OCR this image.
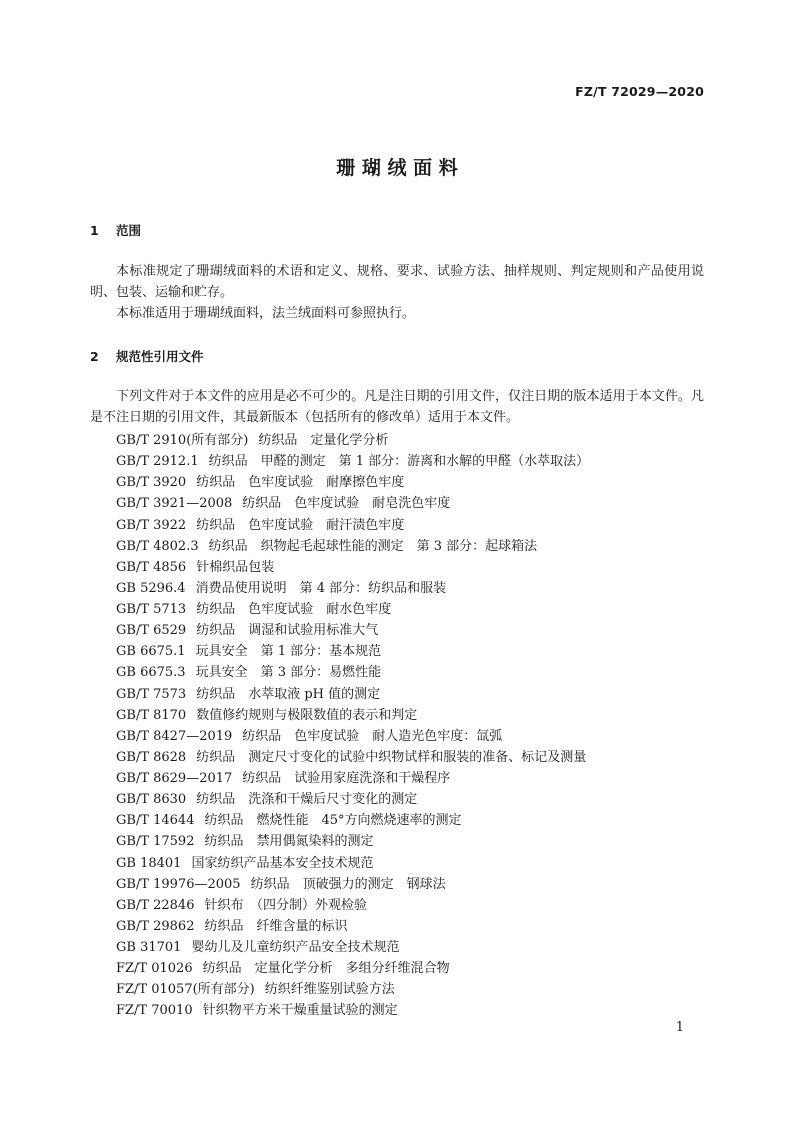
FZ/T 72029—2020
珊 瑚 绒 面 料
1 范围
本标准规定了珊瑚绒面料的术语和定义、规格、要求、试验方法、抽样规则、判定规则和产品使用说明、包装、运输和贮存。
本标准适用于珊瑚绒面料，法兰绒面料可参照执行。
2 规范性引用文件
下列文件对于本文件的应用是必不可少的。凡是注日期的引用文件，仅注日期的版本适用于本文件。凡是不注日期的引用文件，其最新版本（包括所有的修改单）适用于本文件。
GB/T 2910(所有部分) 纺织品　定量化学分析
GB/T 2912.1 纺织品　甲醛的测定　第 1 部分：游离和水解的甲醛（水萃取法）
GB/T 3920 纺织品　色牢度试验　耐摩擦色牢度
GB/T 3921—2008 纺织品　色牢度试验　耐皂洗色牢度
GB/T 3922 纺织品　色牢度试验　耐汗渍色牢度
GB/T 4802.3 纺织品　织物起毛起球性能的测定　第 3 部分：起球箱法
GB/T 4856 针棉织品包装
GB 5296.4 消费品使用说明　第 4 部分：纺织品和服装
GB/T 5713 纺织品　色牢度试验　耐水色牢度
GB/T 6529 纺织品　调湿和试验用标准大气
GB 6675.1 玩具安全　第 1 部分：基本规范
GB 6675.3 玩具安全　第 3 部分：易燃性能
GB/T 7573 纺织品　水萃取液 pH 值的测定
GB/T 8170 数值修约规则与极限数值的表示和判定
GB/T 8427—2019 纺织品　色牢度试验　耐人造光色牢度：氙弧
GB/T 8628 纺织品　测定尺寸变化的试验中织物试样和服装的准备、标记及测量
GB/T 8629—2017 纺织品　试验用家庭洗涤和干燥程序
GB/T 8630 纺织品　洗涤和干燥后尺寸变化的测定
GB/T 14644 纺织品　燃烧性能　45°方向燃烧速率的测定
GB/T 17592 纺织品　禁用偶氮染料的测定
GB 18401 国家纺织产品基本安全技术规范
GB/T 19976—2005 纺织品　顶破强力的测定　钢球法
GB/T 22846 针织布　（四分制）外观检验
GB/T 29862 纺织品　纤维含量的标识
GB 31701 婴幼儿及儿童纺织产品安全技术规范
FZ/T 01026 纺织品　定量化学分析　多组分纤维混合物
FZ/T 01057(所有部分) 纺织纤维鉴别试验方法
FZ/T 70010 针织物平方米干燥重量试验的测定
1
